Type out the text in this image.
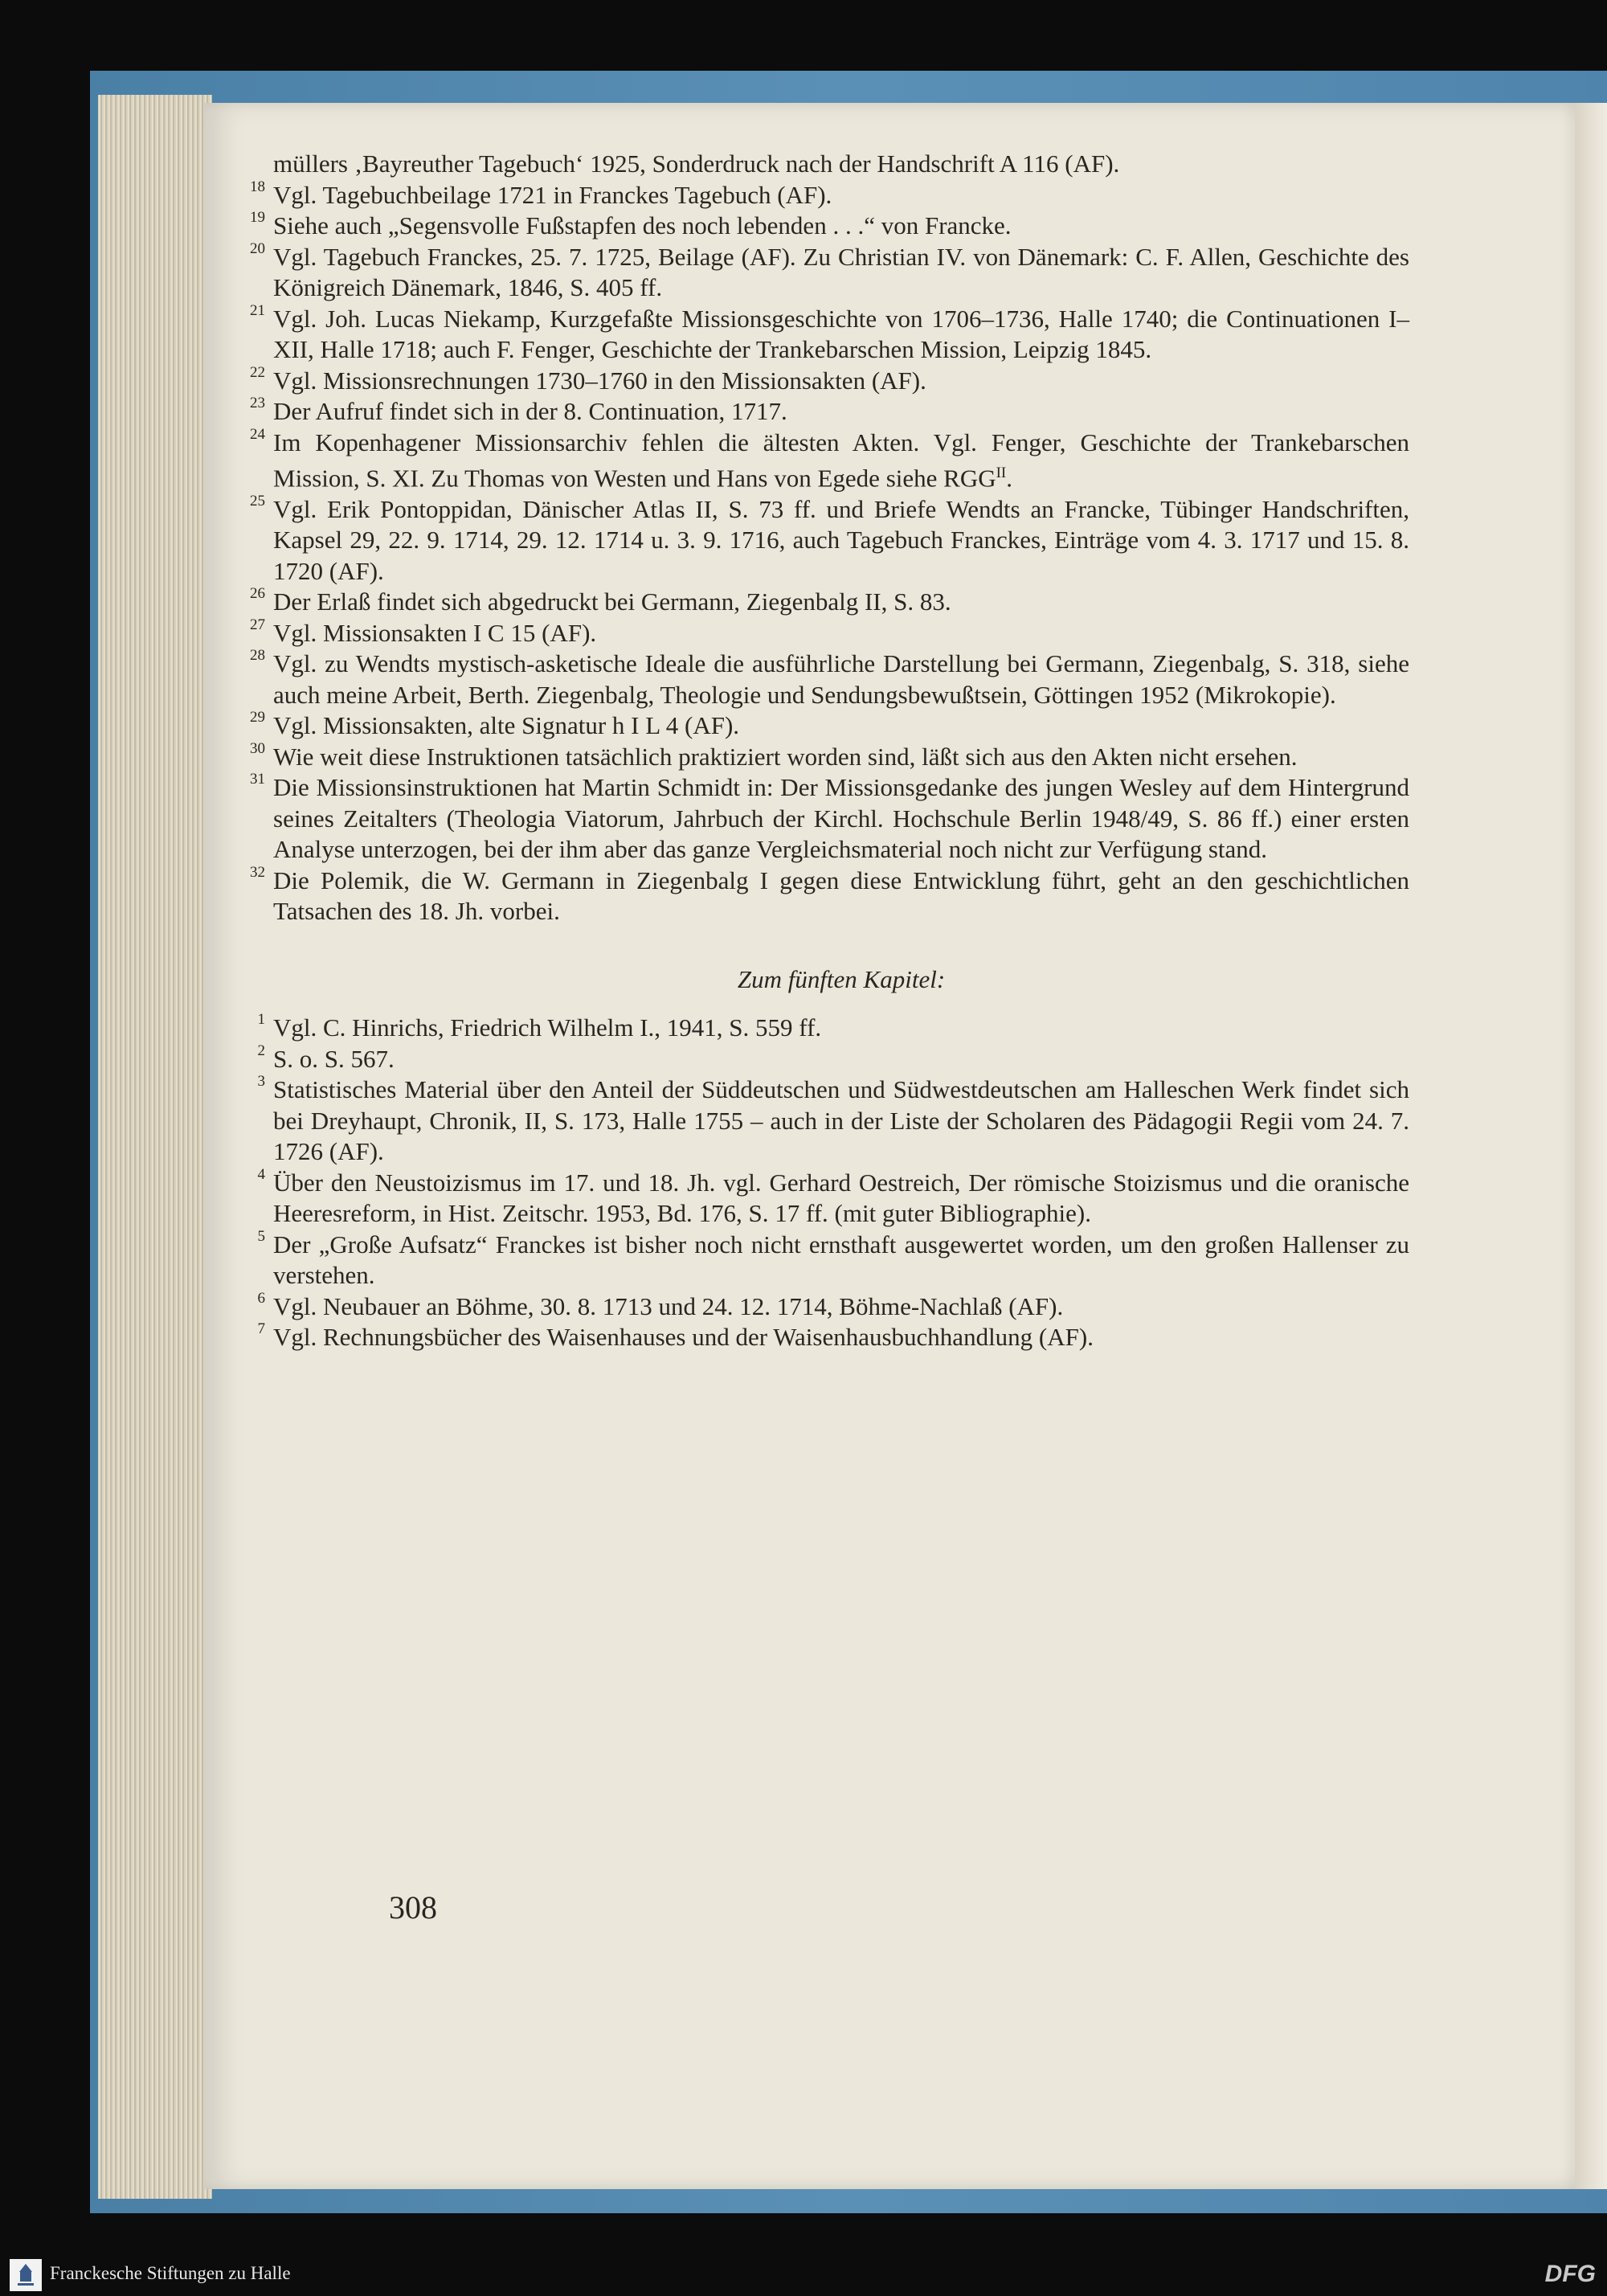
müllers ‚Bayreuther Tagebuch‘ 1925, Sonderdruck nach der Handschrift A 116 (AF).
18 Vgl. Tagebuchbeilage 1721 in Franckes Tagebuch (AF).
19 Siehe auch „Segensvolle Fußstapfen des noch lebenden . . .“ von Francke.
20 Vgl. Tagebuch Franckes, 25. 7. 1725, Beilage (AF). Zu Christian IV. von Dänemark: C. F. Allen, Geschichte des Königreich Dänemark, 1846, S. 405 ff.
21 Vgl. Joh. Lucas Niekamp, Kurzgefaßte Missionsgeschichte von 1706–1736, Halle 1740; die Continuationen I–XII, Halle 1718; auch F. Fenger, Geschichte der Trankebarschen Mission, Leipzig 1845.
22 Vgl. Missionsrechnungen 1730–1760 in den Missionsakten (AF).
23 Der Aufruf findet sich in der 8. Continuation, 1717.
24 Im Kopenhagener Missionsarchiv fehlen die ältesten Akten. Vgl. Fenger, Geschichte der Trankebarschen Mission, S. XI. Zu Thomas von Westen und Hans von Egede siehe $RGG^{II}$.
25 Vgl. Erik Pontoppidan, Dänischer Atlas II, S. 73 ff. und Briefe Wendts an Francke, Tübinger Handschriften, Kapsel 29, 22. 9. 1714, 29. 12. 1714 u. 3. 9. 1716, auch Tagebuch Franckes, Einträge vom 4. 3. 1717 und 15. 8. 1720 (AF).
26 Der Erlaß findet sich abgedruckt bei Germann, Ziegenbalg II, S. 83.
27 Vgl. Missionsakten I C 15 (AF).
28 Vgl. zu Wendts mystisch-asketische Ideale die ausführliche Darstellung bei Germann, Ziegenbalg, S. 318, siehe auch meine Arbeit, Berth. Ziegenbalg, Theologie und Sendungsbewußtsein, Göttingen 1952 (Mikrokopie).
29 Vgl. Missionsakten, alte Signatur h I L 4 (AF).
30 Wie weit diese Instruktionen tatsächlich praktiziert worden sind, läßt sich aus den Akten nicht ersehen.
31 Die Missionsinstruktionen hat Martin Schmidt in: Der Missionsgedanke des jungen Wesley auf dem Hintergrund seines Zeitalters (Theologia Viatorum, Jahrbuch der Kirchl. Hochschule Berlin 1948/49, S. 86 ff.) einer ersten Analyse unterzogen, bei der ihm aber das ganze Vergleichsmaterial noch nicht zur Verfügung stand.
32 Die Polemik, die W. Germann in Ziegenbalg I gegen diese Entwicklung führt, geht an den geschichtlichen Tatsachen des 18. Jh. vorbei.
Zum fünften Kapitel:
1 Vgl. C. Hinrichs, Friedrich Wilhelm I., 1941, S. 559 ff.
2 S. o. S. 567.
3 Statistisches Material über den Anteil der Süddeutschen und Südwestdeutschen am Halleschen Werk findet sich bei Dreyhaupt, Chronik, II, S. 173, Halle 1755 – auch in der Liste der Scholaren des Pädagogii Regii vom 24. 7. 1726 (AF).
4 Über den Neustoizismus im 17. und 18. Jh. vgl. Gerhard Oestreich, Der römische Stoizismus und die oranische Heeresreform, in Hist. Zeitschr. 1953, Bd. 176, S. 17 ff. (mit guter Bibliographie).
5 Der „Große Aufsatz“ Franckes ist bisher noch nicht ernsthaft ausgewertet worden, um den großen Hallenser zu verstehen.
6 Vgl. Neubauer an Böhme, 30. 8. 1713 und 24. 12. 1714, Böhme-Nachlaß (AF).
7 Vgl. Rechnungsbücher des Waisenhauses und der Waisenhausbuchhandlung (AF).
308
Franckesche Stiftungen zu Halle	DFG
